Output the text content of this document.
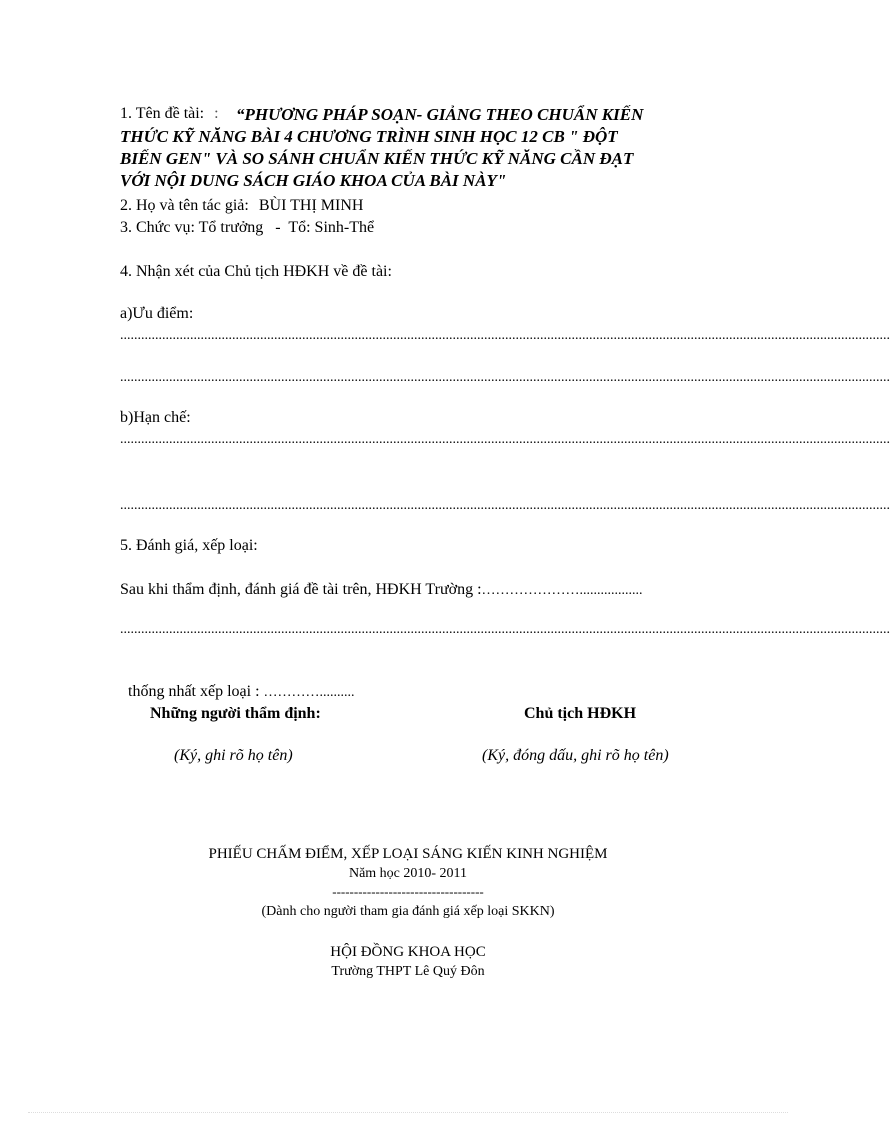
1. Tên đề tài: : “PHƯƠNG PHÁP SOẠN- GIẢNG THEO CHUẨN KIẾN
THỨC KỸ NĂNG BÀI 4 CHƯƠNG TRÌNH SINH HỌC 12 CB " ĐỘT
BIẾN GEN" VÀ SO SÁNH CHUẨN KIẾN THỨC KỸ NĂNG CẦN ĐẠT
VỚI NỘI DUNG SÁCH GIÁO KHOA CỦA BÀI NÀY"
2. Họ và tên tác giả: BÙI THỊ MINH
3. Chức vụ: Tổ trưởng   -  Tổ: Sinh-Thể
4. Nhận xét của Chủ tịch HĐKH về đề tài:
a)Ưu điểm:
............................................................................................................................................................................................................................
............................................................................................................................................................................................................................
b)Hạn chế:
............................................................................................................................................................................................................................
............................................................................................................................................................................................................................
5. Đánh giá, xếp loại:
Sau khi thẩm định, đánh giá đề tài trên, HĐKH Trường :…………………..................
............................................................................................................................................................................................................................

thống nhất xếp loại : …………..........

Những người thẩm định:
(Ký, ghi rõ họ tên)
Chủ tịch HĐKH
(Ký, đóng dấu, ghi rõ họ tên)
PHIẾU CHẤM ĐIỂM, XẾP LOẠI SÁNG KIẾN KINH NGHIỆM
Năm học 2010- 2011
-----------------------------------
(Dành cho người tham gia đánh giá xếp loại SKKN)
HỘI ĐỒNG KHOA HỌC
Trường THPT Lê Quý Đôn
